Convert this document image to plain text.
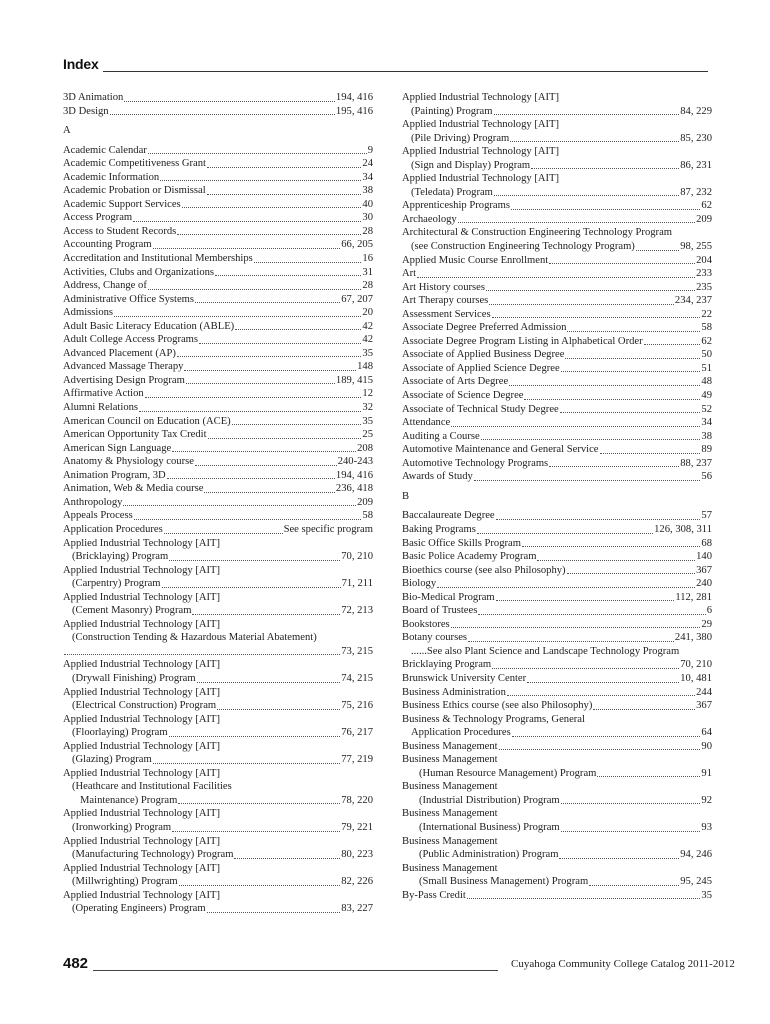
Index
3D Animation	194, 416
3D Design	195, 416
A
Academic Calendar	9
Academic Competitiveness Grant	24
Academic Information	34
Academic Probation or Dismissal	38
Academic Support Services	40
Access Program	30
Access to Student Records	28
Accounting Program	66, 205
Accreditation and Institutional Memberships	16
Activities, Clubs and Organizations	31
Address, Change of	28
Administrative Office Systems	67, 207
Admissions	20
Adult Basic Literacy Education (ABLE)	42
Adult College Access Programs	42
Advanced Placement (AP)	35
Advanced Massage Therapy	148
Advertising Design Program	189, 415
Affirmative Action	12
Alumni Relations	32
American Council on Education (ACE)	35
American Opportunity Tax Credit	25
American Sign Language	208
Anatomy & Physiology course	240-243
Animation Program, 3D	194, 416
Animation, Web & Media course	236, 418
Anthropology	209
Appeals Process	58
Application Procedures	See specific program
Applied Industrial Technology [AIT]
(Bricklaying) Program	70, 210
Applied Industrial Technology [AIT]
(Carpentry) Program	71, 211
Applied Industrial Technology [AIT]
(Cement Masonry) Program	72, 213
Applied Industrial Technology [AIT]
(Construction Tending & Hazardous Material Abatement)
73, 215
Applied Industrial Technology [AIT]
(Drywall Finishing) Program	74, 215
Applied Industrial Technology [AIT]
(Electrical Construction) Program	75, 216
Applied Industrial Technology [AIT]
(Floorlaying) Program	76, 217
Applied Industrial Technology [AIT]
(Glazing) Program	77, 219
Applied Industrial Technology [AIT]
(Heathcare and Institutional Facilities
Maintenance) Program	78, 220
Applied Industrial Technology [AIT]
(Ironworking) Program	79, 221
Applied Industrial Technology [AIT]
(Manufacturing Technology) Program	80, 223
Applied Industrial Technology [AIT]
(Millwrighting) Program	82, 226
Applied Industrial Technology [AIT]
(Operating Engineers) Program	83, 227
Applied Industrial Technology [AIT]
(Painting) Program	84, 229
Applied Industrial Technology [AIT]
(Pile Driving) Program	85, 230
Applied Industrial Technology [AIT]
(Sign and Display) Program	86, 231
Applied Industrial Technology [AIT]
(Teledata) Program	87, 232
Apprenticeship Programs	62
Archaeology	209
Architectural & Construction Engineering Technology Program
(see Construction Engineering Technology Program)	98, 255
Applied Music Course Enrollment	204
Art	233
Art History courses	235
Art Therapy courses	234, 237
Assessment Services	22
Associate Degree Preferred Admission	58
Associate Degree Program Listing in Alphabetical Order	62
Associate of Applied Business Degree	50
Associate of Applied Science Degree	51
Associate of Arts Degree	48
Associate of Science Degree	49
Associate of Technical Study Degree	52
Attendance	34
Auditing a Course	38
Automotive Maintenance and General Service	89
Automotive Technology Programs	88, 237
Awards of Study	56
B
Baccalaureate Degree	57
Baking Programs	126, 308, 311
Basic Office Skills Program	68
Basic Police Academy Program	140
Bioethics course (see also Philosophy)	367
Biology	240
Bio-Medical Program	112, 281
Board of Trustees	6
Bookstores	29
Botany courses	241, 380
......See also Plant Science and Landscape Technology Program
Bricklaying Program	70, 210
Brunswick University Center	10, 481
Business Administration	244
Business Ethics course (see also Philosophy)	367
Business & Technology Programs, General
Application Procedures	64
Business Management	90
Business Management
(Human Resource Management) Program	91
Business Management
(Industrial Distribution) Program	92
Business Management
(International Business) Program	93
Business Management
(Public Administration) Program	94, 246
Business Management
(Small Business Management) Program	95, 245
By-Pass Credit	35
482	Cuyahoga Community College Catalog 2011-2012
